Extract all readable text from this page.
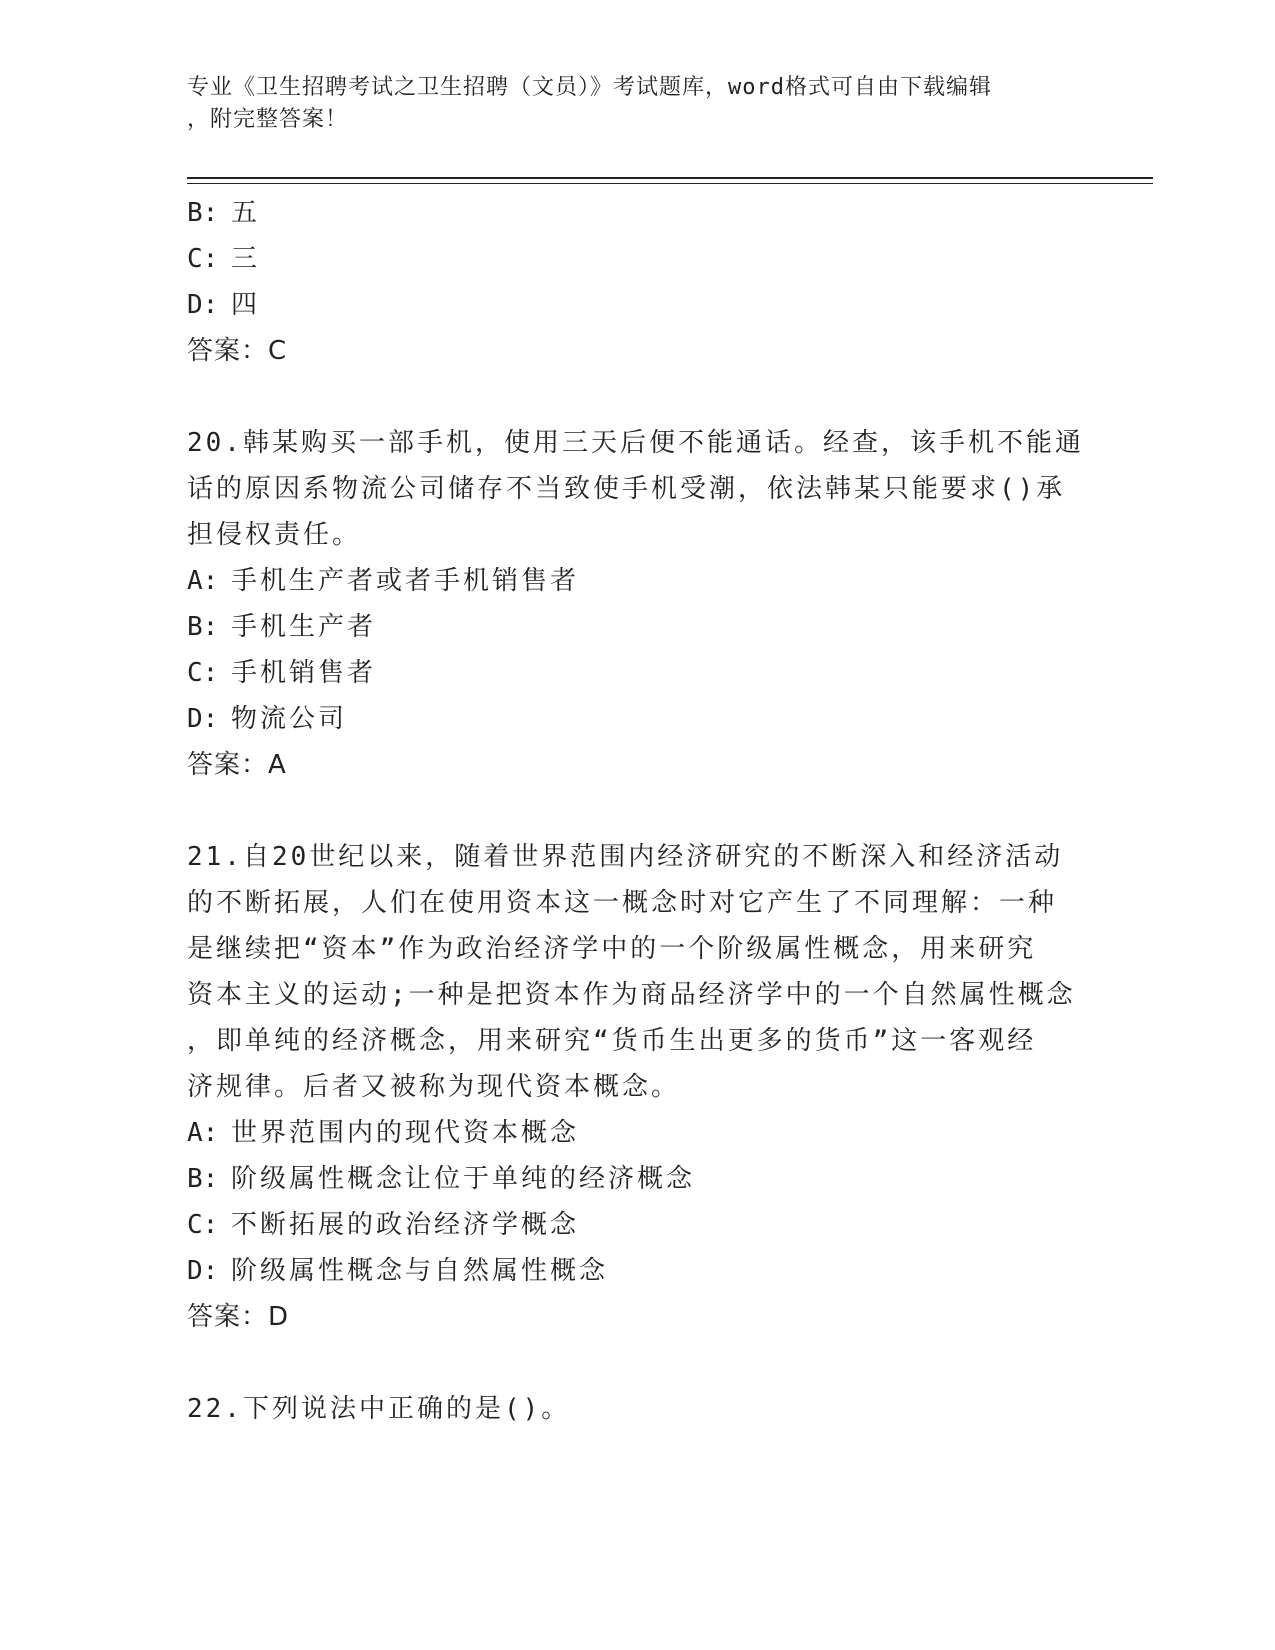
专业《卫生招聘考试之卫生招聘（文员）》考试题库，word格式可自由下载编辑
，附完整答案！
B: 五
C: 三
D: 四
答案：C
20.韩某购买一部手机，使用三天后便不能通话。经查，该手机不能通
话的原因系物流公司储存不当致使手机受潮，依法韩某只能要求()承
担侵权责任。
A: 手机生产者或者手机销售者
B: 手机生产者
C: 手机销售者
D: 物流公司
答案：A
21.自20世纪以来，随着世界范围内经济研究的不断深入和经济活动
的不断拓展，人们在使用资本这一概念时对它产生了不同理解：一种
是继续把“资本”作为政治经济学中的一个阶级属性概念，用来研究
资本主义的运动;一种是把资本作为商品经济学中的一个自然属性概念
，即单纯的经济概念，用来研究“货币生出更多的货币”这一客观经
济规律。后者又被称为现代资本概念。
A: 世界范围内的现代资本概念
B: 阶级属性概念让位于单纯的经济概念
C: 不断拓展的政治经济学概念
D: 阶级属性概念与自然属性概念
答案：D
22.下列说法中正确的是()。
